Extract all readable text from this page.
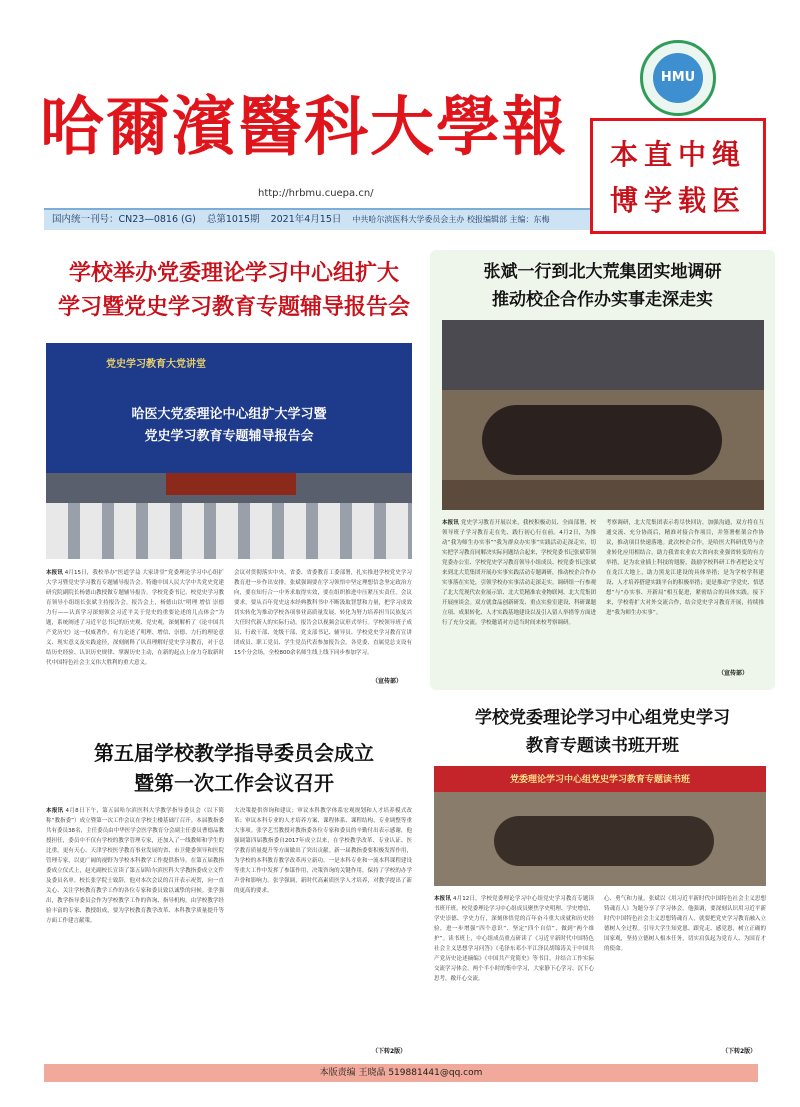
哈爾濱醫科大學報
HMU
http://hrbmu.cuepa.cn/
本直中绳
博学载医
国内统一刊号：CN23—0816 (G) 总第1015期 2021年4月15日 中共哈尔滨医科大学委员会主办 校报编辑部 主编：东梅
学校举办党委理论学习中心组扩大
学习暨党史学习教育专题辅导报告会
党史学习教育大党讲堂
哈医大党委理论中心组扩大学习暨
党史学习教育专题辅导报告会
本报讯 4月15日，我校举办“医道学益 大家讲堂”党委理论学习中心组扩大学习暨党史学习教育专题辅导报告会。特邀中国人民大学中共党史党建研究院副院长杨德山教授做专题辅导报告。学校党委书记、校党史学习教育领导小组组长张斌主持报告会。报告会上，杨德山以“明理 增信 崇德 力行——认真学习深刻领会习近平关于党史的重要论述的几点体会”为题，系统阐述了习近平总书记的历史观、党史观，深刻解析了《论中国共产党历史》这一权威著作，有力论述了明理、增信、崇德、力行的理论意义、现实意义及实践途径，深刻阐释了认真理解好党史学习教育，对于总结历史经验、认识历史规律、掌握历史主动，在新的起点上奋力夺取新时代中国特色社会主义伟大胜利的重大意义。
会议对贯彻落实中央、省委、省委教育工委部署，扎实推进学校党史学习教育进一步作出安排。张斌强调要在学习领悟中坚定理想信念坚定政治方向，要在知行合一中务求取得实效，要在组织推进中压紧压实责任。会议要求，要从百年党史这本经典教科书中不断汲取智慧和力量，把学习成效切实转化为推动学校各项事业高质量发展、转化为努力培养担当民族复兴大任时代新人的实际行动。报告会以视频会议形式举行。学校领导班子成员、行政干部、处级干部、党支部书记、辅导员、学校党史学习教育宣讲团成员、职工党员、学生党员代表参加报告会。各党委、直属党总支设有15个分会场，全校800余名师生线上线下同步参加学习。
（宣传部）
张斌一行到北大荒集团实地调研
推动校企合作办实事走深走实
本报讯 党史学习教育开展以来，我校积极动员、全面部署，校领导班子学习教育走在先、践行初心行在前。4月2日，为推动“我为师生办实事”“我为群众办实事”实践活动走深走实，切实把学习教育同解决实际问题结合起来，学校党委书记张斌带领党委办公室、学校党史学习教育领导小组成员、校党委书记张斌来到北大荒集团开展办实事实践活动专题调研，推动校企合作办实事落在实处，引领学校办实事活动走深走实。调研组一行参观了北大荒现代农业展示馆、北大荒精准农业物联网、北大荒集团开展座谈会。双方就食品创新研发、重点实验室建设、科研课题立项、成果转化、人才实践基地建设以及引入留人举措等方面进行了充分交流。学校邀请对方适当时间来校考察调研。
考察调研，北大荒集团表示将尽快回访，加强沟通，双方将在互通交流、充分协商后，精准对接合作项目，并签署框架合作协议，推动项目快速落地。此次校企合作，是哈医大科研优势与企业转化应用相结合，助力我省农业农大省向农业强省转变的有力举措，是为农业插上科技的翅膀，鼓励学校科研工作者把论文写在龙江大地上，助力黑龙江建设的具体举措；是为学校学科建设、人才培养搭建实践平台的积极举措；更是推动“学党史、悟思想”与“办实事、开新局”相互促进，紧密结合的具体实践。接下来，学校将扩大对外交流合作，结合党史学习教育开展，持续推进“我为师生办实事”。
（宣传部）
学校党委理论学习中心组党史学习
教育专题读书班开班
党委理论学习中心组党史学习教育专题读书班
本报讯 4月12日，学校党委理论学习中心组党史学习教育专题读书班开班。校党委理论学习中心组成员聚焦学史明理、学史增信、学史崇德、学史力行，深刻体悟党的百年奋斗重大成就和历史经验，进一步增强“四个意识”、坚定“四个自信”、做到“两个维护”。读书班上，中心组成员重点研读了《习近平新时代中国特色社会主义思想学习问答》《毛泽东邓小平江泽民胡锦涛关于中国共产党历史论述摘编》《中国共产党简史》等书目，并结合工作实际交流学习体会。两个半小时的集中学习，大家静下心学习、沉下心思考，敞开心交流。
心、勇气和力量。张斌以《用习近平新时代中国特色社会主义思想铸魂育人》为题分享了学习体会。他强调，要深刻认识用习近平新时代中国特色社会主义思想铸魂育人，就要把党史学习教育融入立德树人全过程。引导大学生知党恩、跟党走、感党恩，树立正确的国家观，坚持立德树人根本任务，切实肩负起为党育人、为国育才的使命。
（下转2版）
第五届学校教学指导委员会成立
暨第一次工作会议召开
本报讯 4月8日下午，第五届哈尔滨医科大学教学指导委员会（以下简称“教指委”）成立暨第一次工作会议在学校主楼基础厅召开。本届教指委共有委员38名，主任委员由中华医学会医学教育分会副主任委员曹德品教授担任，委员中不仅有学校的教学管理专家，还加入了一线教师和学生的比重，更有天心、天津学校医学教育事业发展的省、市卫健委领导和医院管理专家，以更广阔的视野为学校本科教学工作提供指导。在第五届教指委成立仪式上，赵光副校长宣读了第五届哈尔滨医科大学教指委成立文件及委员名单。校长张学院士致辞，他对本次会议的召开表示祝贺，向一直关心、关注学校教育教学工作的各位专家和委员致以诚挚的问候。张学强出，教学指导委员会作为学校教学工作的咨询、指导机构，由学校教学经验丰富的专家、教授组成，要为学校教育教学改革、本科教学质量提升等方面工作建言献策。
大决策提供咨询和建议；审议本科教学体系宏观规划和人才培养模式改革；审议本科专业的人才培养方案、课程体系、课程结构、专业调整等重大事项。张学艺雪教授对教指委各位专家和委员的辛勤付出表示感谢，他强调第四届教指委自2017年成立以来，在学校教学改革、专业认证、医学教育质量提升等方面做出了突出贡献。新一届教指委要积极发挥作用，为学校的本科教育教学改革再立新功。一是本科专业和一流本科课程建设等重大工作中发挥了参谋作用，决策咨询的关键作用，保持了学校的办学声誉和影响力。张学强调，新时代高素质医学人才培养，对教学提出了新的更高的要求。
（下转2版）
本版责编 王晓晶 519881441@qq.com
